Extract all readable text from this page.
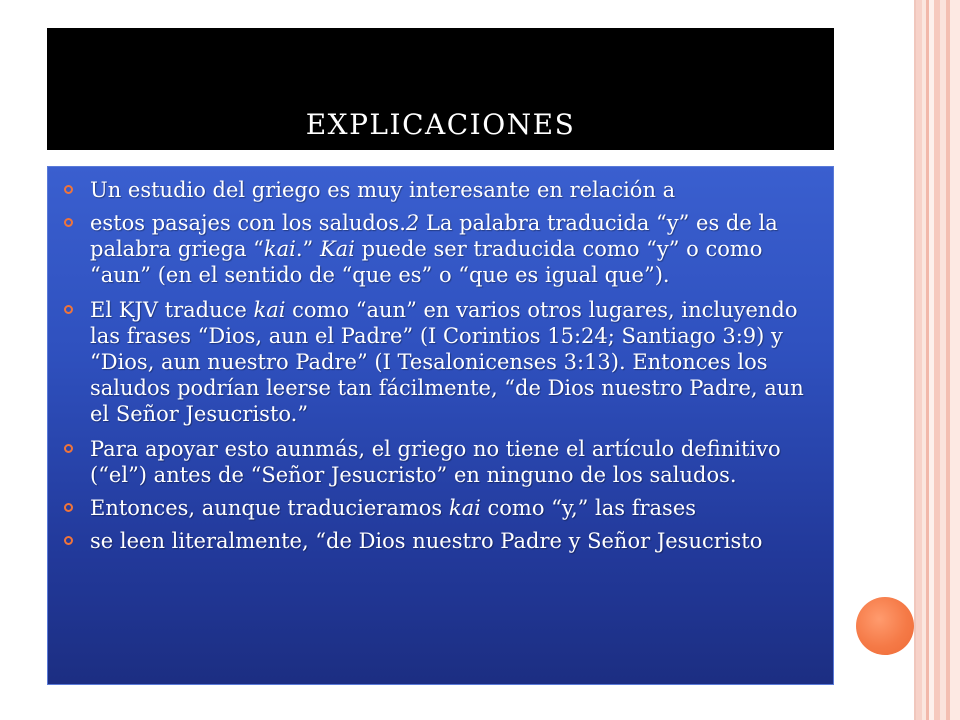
EXPLICACIONES
Un estudio del griego es muy interesante en relación a
estos pasajes con los saludos.2 La palabra traducida “y” es de la palabra griega “kai.” Kai puede ser traducida como “y” o como “aun” (en el sentido de “que es” o “que es igual que”).
El KJV traduce kai como “aun” en varios otros lugares, incluyendo las frases “Dios, aun el Padre” (I Corintios 15:24; Santiago 3:9) y “Dios, aun nuestro Padre” (I Tesalonicenses 3:13). Entonces los saludos podrían leerse tan fácilmente, “de Dios nuestro Padre, aun el Señor Jesucristo.”
Para apoyar esto aunmás, el griego no tiene el artículo definitivo (“el”) antes de “Señor Jesucristo” en ninguno de los saludos.
Entonces, aunque traducieramos kai como “y,” las frases
se leen literalmente, “de Dios nuestro Padre y Señor Jesucristo
